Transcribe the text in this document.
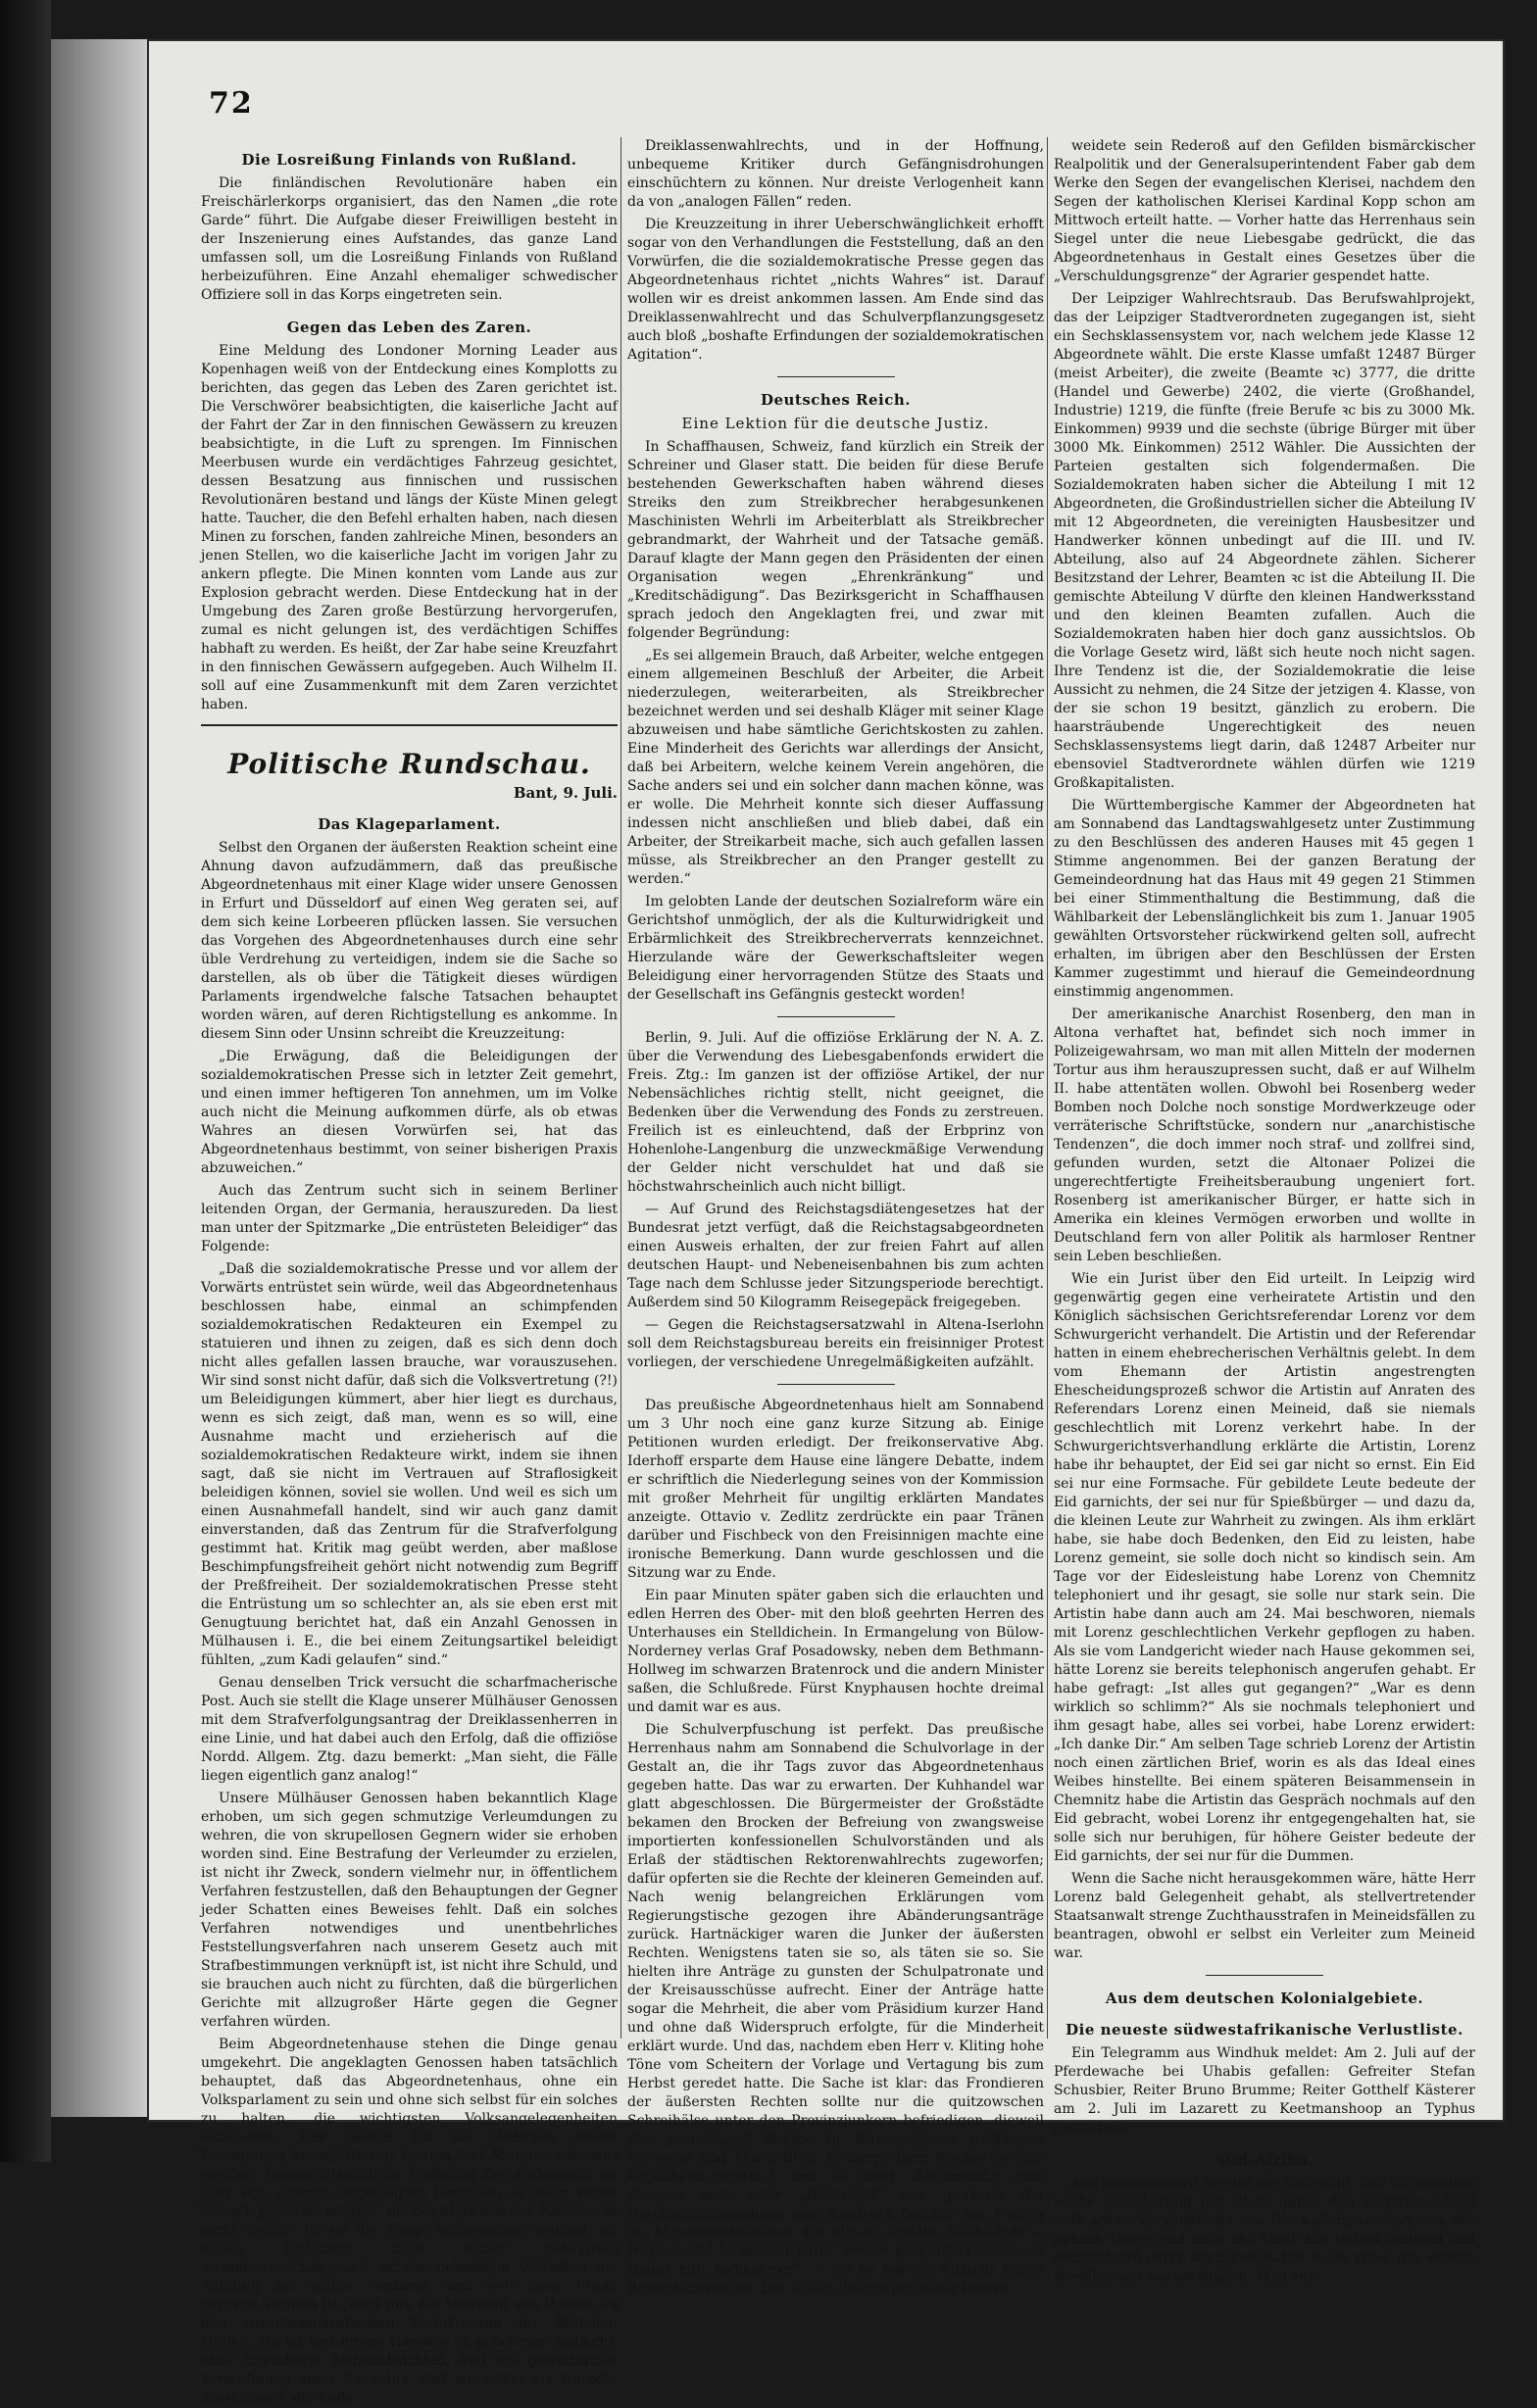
72
Die Losreißung Finlands von Rußland.

Die finländischen Revolutionäre haben ein Freischärlerkorps organisiert, das den Namen „die rote Garde“ führt. Die Aufgabe dieser Freiwilligen besteht in der Inszenierung eines Aufstandes, das ganze Land umfassen soll, um die Losreißung Finlands von Rußland herbeizuführen. Eine Anzahl ehemaliger schwedischer Offiziere soll in das Korps eingetreten sein.

Gegen das Leben des Zaren.

Eine Meldung des Londoner Morning Leader aus Kopenhagen weiß von der Entdeckung eines Komplotts zu berichten, das gegen das Leben des Zaren gerichtet ist. Die Verschwörer beabsichtigten, die kaiserliche Jacht auf der Fahrt der Zar in den finnischen Gewässern zu kreuzen beabsichtigte, in die Luft zu sprengen. Im Finnischen Meerbusen wurde ein verdächtiges Fahrzeug gesichtet, dessen Besatzung aus finnischen und russischen Revolutionären bestand und längs der Küste Minen gelegt hatte. Taucher, die den Befehl erhalten haben, nach diesen Minen zu forschen, fanden zahlreiche Minen, besonders an jenen Stellen, wo die kaiserliche Jacht im vorigen Jahr zu ankern pflegte. Die Minen konnten vom Lande aus zur Explosion gebracht werden. Diese Entdeckung hat in der Umgebung des Zaren große Bestürzung hervorgerufen, zumal es nicht gelungen ist, des verdächtigen Schiffes habhaft zu werden. Es heißt, der Zar habe seine Kreuzfahrt in den finnischen Gewässern aufgegeben. Auch Wilhelm II. soll auf eine Zusammenkunft mit dem Zaren verzichtet haben.

Politische Rundschau.
Bant, 9. Juli.
Das Klageparlament.

Selbst den Organen der äußersten Reaktion scheint eine Ahnung davon aufzudämmern, daß das preußische Abgeordnetenhaus mit einer Klage wider unsere Genossen in Erfurt und Düsseldorf auf einen Weg geraten sei, auf dem sich keine Lorbeeren pflücken lassen. Sie versuchen das Vorgehen des Abgeordnetenhauses durch eine sehr üble Verdrehung zu verteidigen, indem sie die Sache so darstellen, als ob über die Tätigkeit dieses würdigen Parlaments irgendwelche falsche Tatsachen behauptet worden wären, auf deren Richtigstellung es ankomme. In diesem Sinn oder Unsinn schreibt die Kreuzzeitung:

„Die Erwägung, daß die Beleidigungen der sozialdemokratischen Presse sich in letzter Zeit gemehrt, und einen immer heftigeren Ton annehmen, um im Volke auch nicht die Meinung aufkommen dürfe, als ob etwas Wahres an diesen Vorwürfen sei, hat das Abgeordnetenhaus bestimmt, von seiner bisherigen Praxis abzuweichen.“

Auch das Zentrum sucht sich in seinem Berliner leitenden Organ, der Germania, herauszureden. Da liest man unter der Spitzmarke „Die entrüsteten Beleidiger“ das Folgende:

„Daß die sozialdemokratische Presse und vor allem der Vorwärts entrüstet sein würde, weil das Abgeordnetenhaus beschlossen habe, einmal an schimpfenden sozialdemokratischen Redakteuren ein Exempel zu statuieren und ihnen zu zeigen, daß es sich denn doch nicht alles gefallen lassen brauche, war vorauszusehen. Wir sind sonst nicht dafür, daß sich die Volksvertretung (?!) um Beleidigungen kümmert, aber hier liegt es durchaus, wenn es sich zeigt, daß man, wenn es so will, eine Ausnahme macht und erzieherisch auf die sozialdemokratischen Redakteure wirkt, indem sie ihnen sagt, daß sie nicht im Vertrauen auf Straflosigkeit beleidigen können, soviel sie wollen. Und weil es sich um einen Ausnahmefall handelt, sind wir auch ganz damit einverstanden, daß das Zentrum für die Strafverfolgung gestimmt hat. Kritik mag geübt werden, aber maßlose Beschimpfungsfreiheit gehört nicht notwendig zum Begriff der Preßfreiheit. Der sozialdemokratischen Presse steht die Entrüstung um so schlechter an, als sie eben erst mit Genugtuung berichtet hat, daß ein Anzahl Genossen in Mülhausen i. E., die bei einem Zeitungsartikel beleidigt fühlten, „zum Kadi gelaufen“ sind.“

Genau denselben Trick versucht die scharfmacherische Post. Auch sie stellt die Klage unserer Mülhäuser Genossen mit dem Strafverfolgungsantrag der Dreiklassenherren in eine Linie, und hat dabei auch den Erfolg, daß die offiziöse Nordd. Allgem. Ztg. dazu bemerkt: „Man sieht, die Fälle liegen eigentlich ganz analog!“

Unsere Mülhäuser Genossen haben bekanntlich Klage erhoben, um sich gegen schmutzige Verleumdungen zu wehren, die von skrupellosen Gegnern wider sie erhoben worden sind. Eine Bestrafung der Verleumder zu erzielen, ist nicht ihr Zweck, sondern vielmehr nur, in öffentlichem Verfahren festzustellen, daß den Behauptungen der Gegner jeder Schatten eines Beweises fehlt. Daß ein solches Verfahren notwendiges und unentbehrliches Feststellungsverfahren nach unserem Gesetz auch mit Strafbestimmungen verknüpft ist, ist nicht ihre Schuld, und sie brauchen auch nicht zu fürchten, daß die bürgerlichen Gerichte mit allzugroßer Härte gegen die Gegner verfahren würden.

Beim Abgeordnetenhause stehen die Dinge genau umgekehrt. Die angeklagten Genossen haben tatsächlich behauptet, daß das Abgeordnetenhaus, ohne ein Volksparlament zu sein und ohne sich selbst für ein solches zu halten, die wichtigsten Volksangelegenheiten entscheide. Der Beweis für die Wahrheit dieser Behauptung kann jederzeit binnen fünf Minuten erbracht werden. Dieses tatsächliche Verhalten des Parlaments ist aber von unseren angeklagten Genossen in einer Weise kritisch gewertet worden, die der Mehrheit des Parlaments nicht gefällt. Es ist die Frage aufgeworfen worden, ob dieses Parlament nach seiner bekannten Zusammensetzung und seinem bekannten Verhalten die Achtung des Volkes verdiene, und weil diese Frage verneint worden ist, wird nun die Mehrheit des Hauses an den sozialdemokratischen Redakteuren ihr Mütchen kühlen. Da ist von einem Handeln in gebotener Notwehr, ohne unsauberer Nebenabsichten, und von gewaltsamer Verteidigung eines Unrechts, daß sie selbst als Unrecht anerkennen, die Rede.

Dreiklassenwahlrechts, und in der Hoffnung, unbequeme Kritiker durch Gefängnisdrohungen einschüchtern zu können. Nur dreiste Verlogenheit kann da von „analogen Fällen“ reden.

Die Kreuzzeitung in ihrer Ueberschwänglichkeit erhofft sogar von den Verhandlungen die Feststellung, daß an den Vorwürfen, die die sozialdemokratische Presse gegen das Abgeordnetenhaus richtet „nichts Wahres“ ist. Darauf wollen wir es dreist ankommen lassen. Am Ende sind das Dreiklassenwahlrecht und das Schulverpflanzungsgesetz auch bloß „boshafte Erfindungen der sozialdemokratischen Agitation“.

Deutsches Reich.
Eine Lektion für die deutsche Justiz.

In Schaffhausen, Schweiz, fand kürzlich ein Streik der Schreiner und Glaser statt. Die beiden für diese Berufe bestehenden Gewerkschaften haben während dieses Streiks den zum Streikbrecher herabgesunkenen Maschinisten Wehrli im Arbeiterblatt als Streikbrecher gebrandmarkt, der Wahrheit und der Tatsache gemäß. Darauf klagte der Mann gegen den Präsidenten der einen Organisation wegen „Ehrenkränkung“ und „Kreditschädigung“. Das Bezirksgericht in Schaffhausen sprach jedoch den Angeklagten frei, und zwar mit folgender Begründung:

„Es sei allgemein Brauch, daß Arbeiter, welche entgegen einem allgemeinen Beschluß der Arbeiter, die Arbeit niederzulegen, weiterarbeiten, als Streikbrecher bezeichnet werden und sei deshalb Kläger mit seiner Klage abzuweisen und habe sämtliche Gerichtskosten zu zahlen. Eine Minderheit des Gerichts war allerdings der Ansicht, daß bei Arbeitern, welche keinem Verein angehören, die Sache anders sei und ein solcher dann machen könne, was er wolle. Die Mehrheit konnte sich dieser Auffassung indessen nicht anschließen und blieb dabei, daß ein Arbeiter, der Streikarbeit mache, sich auch gefallen lassen müsse, als Streikbrecher an den Pranger gestellt zu werden.“

Im gelobten Lande der deutschen Sozialreform wäre ein Gerichtshof unmöglich, der als die Kulturwidrigkeit und Erbärmlichkeit des Streikbrecherverrats kennzeichnet. Hierzulande wäre der Gewerkschaftsleiter wegen Beleidigung einer hervorragenden Stütze des Staats und der Gesellschaft ins Gefängnis gesteckt worden!

Berlin, 9. Juli. Auf die offiziöse Erklärung der N. A. Z. über die Verwendung des Liebesgabenfonds erwidert die Freis. Ztg.: Im ganzen ist der offiziöse Artikel, der nur Nebensächliches richtig stellt, nicht geeignet, die Bedenken über die Verwendung des Fonds zu zerstreuen. Freilich ist es einleuchtend, daß der Erbprinz von Hohenlohe-Langenburg die unzweckmäßige Verwendung der Gelder nicht verschuldet hat und daß sie höchstwahrscheinlich auch nicht billigt.

— Auf Grund des Reichstagsdiätengesetzes hat der Bundesrat jetzt verfügt, daß die Reichstagsabgeordneten einen Ausweis erhalten, der zur freien Fahrt auf allen deutschen Haupt- und Nebeneisenbahnen bis zum achten Tage nach dem Schlusse jeder Sitzungsperiode berechtigt. Außerdem sind 50 Kilogramm Reisegepäck freigegeben.

— Gegen die Reichstagsersatzwahl in Altena-Iserlohn soll dem Reichstagsbureau bereits ein freisinniger Protest vorliegen, der verschiedene Unregelmäßigkeiten aufzählt.

Das preußische Abgeordnetenhaus hielt am Sonnabend um 3 Uhr noch eine ganz kurze Sitzung ab. Einige Petitionen wurden erledigt. Der freikonservative Abg. Iderhoff ersparte dem Hause eine längere Debatte, indem er schriftlich die Niederlegung seines von der Kommission mit großer Mehrheit für ungiltig erklärten Mandates anzeigte. Ottavio v. Zedlitz zerdrückte ein paar Tränen darüber und Fischbeck von den Freisinnigen machte eine ironische Bemerkung. Dann wurde geschlossen und die Sitzung war zu Ende.

Ein paar Minuten später gaben sich die erlauchten und edlen Herren des Ober- mit den bloß geehrten Herren des Unterhauses ein Stelldichein. In Ermangelung von Bülow-Norderney verlas Graf Posadowsky, neben dem Bethmann-Hollweg im schwarzen Bratenrock und die andern Minister saßen, die Schlußrede. Fürst Knyphausen hochte dreimal und damit war es aus.

Die Schulverpfuschung ist perfekt. Das preußische Herrenhaus nahm am Sonnabend die Schulvorlage in der Gestalt an, die ihr Tags zuvor das Abgeordnetenhaus gegeben hatte. Das war zu erwarten. Der Kuhhandel war glatt abgeschlossen. Die Bürgermeister der Großstädte bekamen den Brocken der Befreiung von zwangsweise importierten konfessionellen Schulvorständen und als Erlaß der städtischen Rektorenwahlrechts zugeworfen; dafür opferten sie die Rechte der kleineren Gemeinden auf. Nach wenig belangreichen Erklärungen vom Regierungstische gezogen ihre Abänderungsanträge zurück. Hartnäckiger waren die Junker der äußersten Rechten. Wenigstens taten sie so, als täten sie so. Sie hielten ihre Anträge zu gunsten der Schulpatronate und der Kreisausschüsse aufrecht. Einer der Anträge hatte sogar die Mehrheit, die aber vom Präsidium kurzer Hand und ohne daß Widerspruch erfolgte, für die Minderheit erklärt wurde. Und das, nachdem eben Herr v. Kliting hohe Töne vom Scheitern der Vorlage und Vertagung bis zum Herbst geredet hatte. Die Sache ist klar: das Frondieren der äußersten Rechten sollte nur die quitzowschen Schreihälse unter den Provinzjunkern befriedigen, dieweil die „gemäßigte“ Rechte in Wartenslebens gefälligem Vorworte und Manteuffels freiherrlichem Nachworte zur Sonnabend-Beratung und in ihrer Zustimmung zum Gesetze froh aller „Bedenken“ den Junkern der Durchschnittsmeinung zum Ausdruck brachte, am Freitag im Abgeordnetenhause der kleine, schlaue Reaktionär v. Heydebrand formuliert hatte: besser jetzt dies Gesetz, als später ein „radikaleres“. — So ist bot die Sitzung nichts Bemerkenswertes. Der Kieler Botanikprofessor Reinke

weidete sein Rederoß auf den Gefilden bismärckischer Realpolitik und der Generalsuperintendent Faber gab dem Werke den Segen der evangelischen Klerisei, nachdem den Segen der katholischen Klerisei Kardinal Kopp schon am Mittwoch erteilt hatte. — Vorher hatte das Herrenhaus sein Siegel unter die neue Liebesgabe gedrückt, die das Abgeordnetenhaus in Gestalt eines Gesetzes über die „Verschuldungsgrenze“ der Agrarier gespendet hatte.

Der Leipziger Wahlrechtsraub. Das Berufswahlprojekt, das der Leipziger Stadtverordneten zugegangen ist, sieht ein Sechsklassensystem vor, nach welchem jede Klasse 12 Abgeordnete wählt. Die erste Klasse umfaßt 12487 Bürger (meist Arbeiter), die zweite (Beamte ꝛc) 3777, die dritte (Handel und Gewerbe) 2402, die vierte (Großhandel, Industrie) 1219, die fünfte (freie Berufe ꝛc bis zu 3000 Mk. Einkommen) 9939 und die sechste (übrige Bürger mit über 3000 Mk. Einkommen) 2512 Wähler. Die Aussichten der Parteien gestalten sich folgendermaßen. Die Sozialdemokraten haben sicher die Abteilung I mit 12 Abgeordneten, die Großindustriellen sicher die Abteilung IV mit 12 Abgeordneten, die vereinigten Hausbesitzer und Handwerker können unbedingt auf die III. und IV. Abteilung, also auf 24 Abgeordnete zählen. Sicherer Besitzstand der Lehrer, Beamten ꝛc ist die Abteilung II. Die gemischte Abteilung V dürfte den kleinen Handwerksstand und den kleinen Beamten zufallen. Auch die Sozialdemokraten haben hier doch ganz aussichtslos. Ob die Vorlage Gesetz wird, läßt sich heute noch nicht sagen. Ihre Tendenz ist die, der Sozialdemokratie die leise Aussicht zu nehmen, die 24 Sitze der jetzigen 4. Klasse, von der sie schon 19 besitzt, gänzlich zu erobern. Die haarsträubende Ungerechtigkeit des neuen Sechsklassensystems liegt darin, daß 12487 Arbeiter nur ebensoviel Stadtverordnete wählen dürfen wie 1219 Großkapitalisten.

Die Württembergische Kammer der Abgeordneten hat am Sonnabend das Landtagswahlgesetz unter Zustimmung zu den Beschlüssen des anderen Hauses mit 45 gegen 1 Stimme angenommen. Bei der ganzen Beratung der Gemeindeordnung hat das Haus mit 49 gegen 21 Stimmen bei einer Stimmenthaltung die Bestimmung, daß die Wählbarkeit der Lebenslänglichkeit bis zum 1. Januar 1905 gewählten Ortsvorsteher rückwirkend gelten soll, aufrecht erhalten, im übrigen aber den Beschlüssen der Ersten Kammer zugestimmt und hierauf die Gemeindeordnung einstimmig angenommen.

Der amerikanische Anarchist Rosenberg, den man in Altona verhaftet hat, befindet sich noch immer in Polizeigewahrsam, wo man mit allen Mitteln der modernen Tortur aus ihm herauszupressen sucht, daß er auf Wilhelm II. habe attentäten wollen. Obwohl bei Rosenberg weder Bomben noch Dolche noch sonstige Mordwerkzeuge oder verräterische Schriftstücke, sondern nur „anarchistische Tendenzen“, die doch immer noch straf- und zollfrei sind, gefunden wurden, setzt die Altonaer Polizei die ungerechtfertigte Freiheitsberaubung ungeniert fort. Rosenberg ist amerikanischer Bürger, er hatte sich in Amerika ein kleines Vermögen erworben und wollte in Deutschland fern von aller Politik als harmloser Rentner sein Leben beschließen.

Wie ein Jurist über den Eid urteilt. In Leipzig wird gegenwärtig gegen eine verheiratete Artistin und den Königlich sächsischen Gerichtsreferendar Lorenz vor dem Schwurgericht verhandelt. Die Artistin und der Referendar hatten in einem ehebrecherischen Verhältnis gelebt. In dem vom Ehemann der Artistin angestrengten Ehescheidungsprozeß schwor die Artistin auf Anraten des Referendars Lorenz einen Meineid, daß sie niemals geschlechtlich mit Lorenz verkehrt habe. In der Schwurgerichtsverhandlung erklärte die Artistin, Lorenz habe ihr behauptet, der Eid sei gar nicht so ernst. Ein Eid sei nur eine Formsache. Für gebildete Leute bedeute der Eid garnichts, der sei nur für Spießbürger — und dazu da, die kleinen Leute zur Wahrheit zu zwingen. Als ihm erklärt habe, sie habe doch Bedenken, den Eid zu leisten, habe Lorenz gemeint, sie solle doch nicht so kindisch sein. Am Tage vor der Eidesleistung habe Lorenz von Chemnitz telephoniert und ihr gesagt, sie solle nur stark sein. Die Artistin habe dann auch am 24. Mai beschworen, niemals mit Lorenz geschlechtlichen Verkehr gepflogen zu haben. Als sie vom Landgericht wieder nach Hause gekommen sei, hätte Lorenz sie bereits telephonisch angerufen gehabt. Er habe gefragt: „Ist alles gut gegangen?“ „War es denn wirklich so schlimm?“ Als sie nochmals telephoniert und ihm gesagt habe, alles sei vorbei, habe Lorenz erwidert: „Ich danke Dir.“ Am selben Tage schrieb Lorenz der Artistin noch einen zärtlichen Brief, worin es als das Ideal eines Weibes hinstellte. Bei einem späteren Beisammensein in Chemnitz habe die Artistin das Gespräch nochmals auf den Eid gebracht, wobei Lorenz ihr entgegengehalten hat, sie solle sich nur beruhigen, für höhere Geister bedeute der Eid garnichts, der sei nur für die Dummen.

Wenn die Sache nicht herausgekommen wäre, hätte Herr Lorenz bald Gelegenheit gehabt, als stellvertretender Staatsanwalt strenge Zuchthausstrafen in Meineidsfällen zu beantragen, obwohl er selbst ein Verleiter zum Meineid war.

Aus dem deutschen Kolonialgebiete.
Die neueste südwestafrikanische Verlustliste.

Ein Telegramm aus Windhuk meldet: Am 2. Juli auf der Pferdewache bei Uhabis gefallen: Gefreiter Stefan Schusbier, Reiter Bruno Brumme; Reiter Gotthelf Kästerer am 2. Juli im Lazarett zu Keetmanshoop an Typhus gestorben.

Süd-Afrika.

Aus Johannesburg kommt die Nachricht, daß die gesamte weiße Bevölkerung der Stadt durch den Kaffernaufstand aufs schwerste gefährdet sei. Die Kaffern strömen aus der ganzen Umgegend nach der Stadt und ziehen raubend und einbrechend durch die Straßen. Die Panik unter der weißen Bevölkerung wächst täglich. Man ver-
